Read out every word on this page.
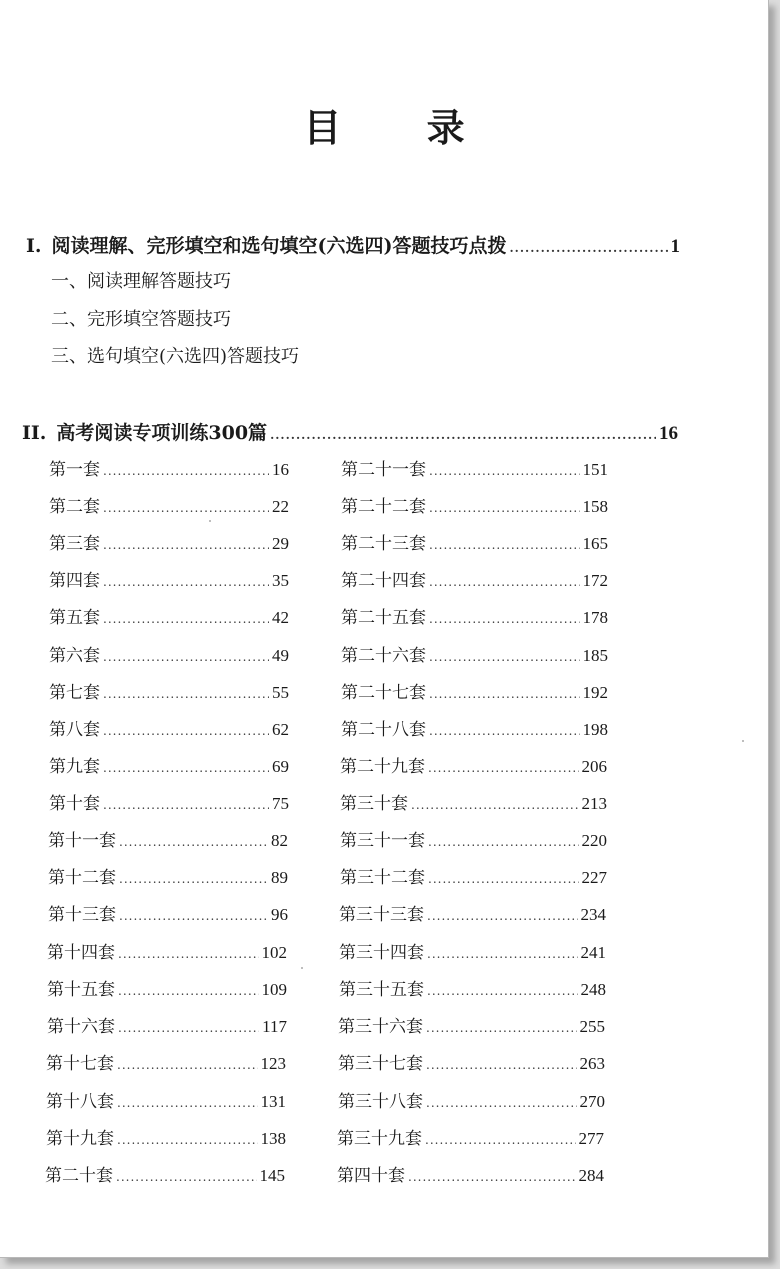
目 录
I. 阅读理解、完形填空和选句填空(六选四)答题技巧点拨 .....	1
一、阅读理解答题技巧
二、完形填空答题技巧
三、选句填空(六选四)答题技巧
II. 高考阅读专项训练300篇 .....	16
第一套 .....	16
第二套 .....	22
第三套 .....	29
第四套 .....	35
第五套 .....	42
第六套 .....	49
第七套 .....	55
第八套 .....	62
第九套 .....	69
第十套 .....	75
第十一套 .....	82
第十二套 .....	89
第十三套 .....	96
第十四套 .....	102
第十五套 .....	109
第十六套 .....	117
第十七套 .....	123
第十八套 .....	131
第十九套 .....	138
第二十套 .....	145
第二十一套 .....	151
第二十二套 .....	158
第二十三套 .....	165
第二十四套 .....	172
第二十五套 .....	178
第二十六套 .....	185
第二十七套 .....	192
第二十八套 .....	198
第二十九套 .....	206
第三十套 .....	213
第三十一套 .....	220
第三十二套 .....	227
第三十三套 .....	234
第三十四套 .....	241
第三十五套 .....	248
第三十六套 .....	255
第三十七套 .....	263
第三十八套 .....	270
第三十九套 .....	277
第四十套 .....	284
